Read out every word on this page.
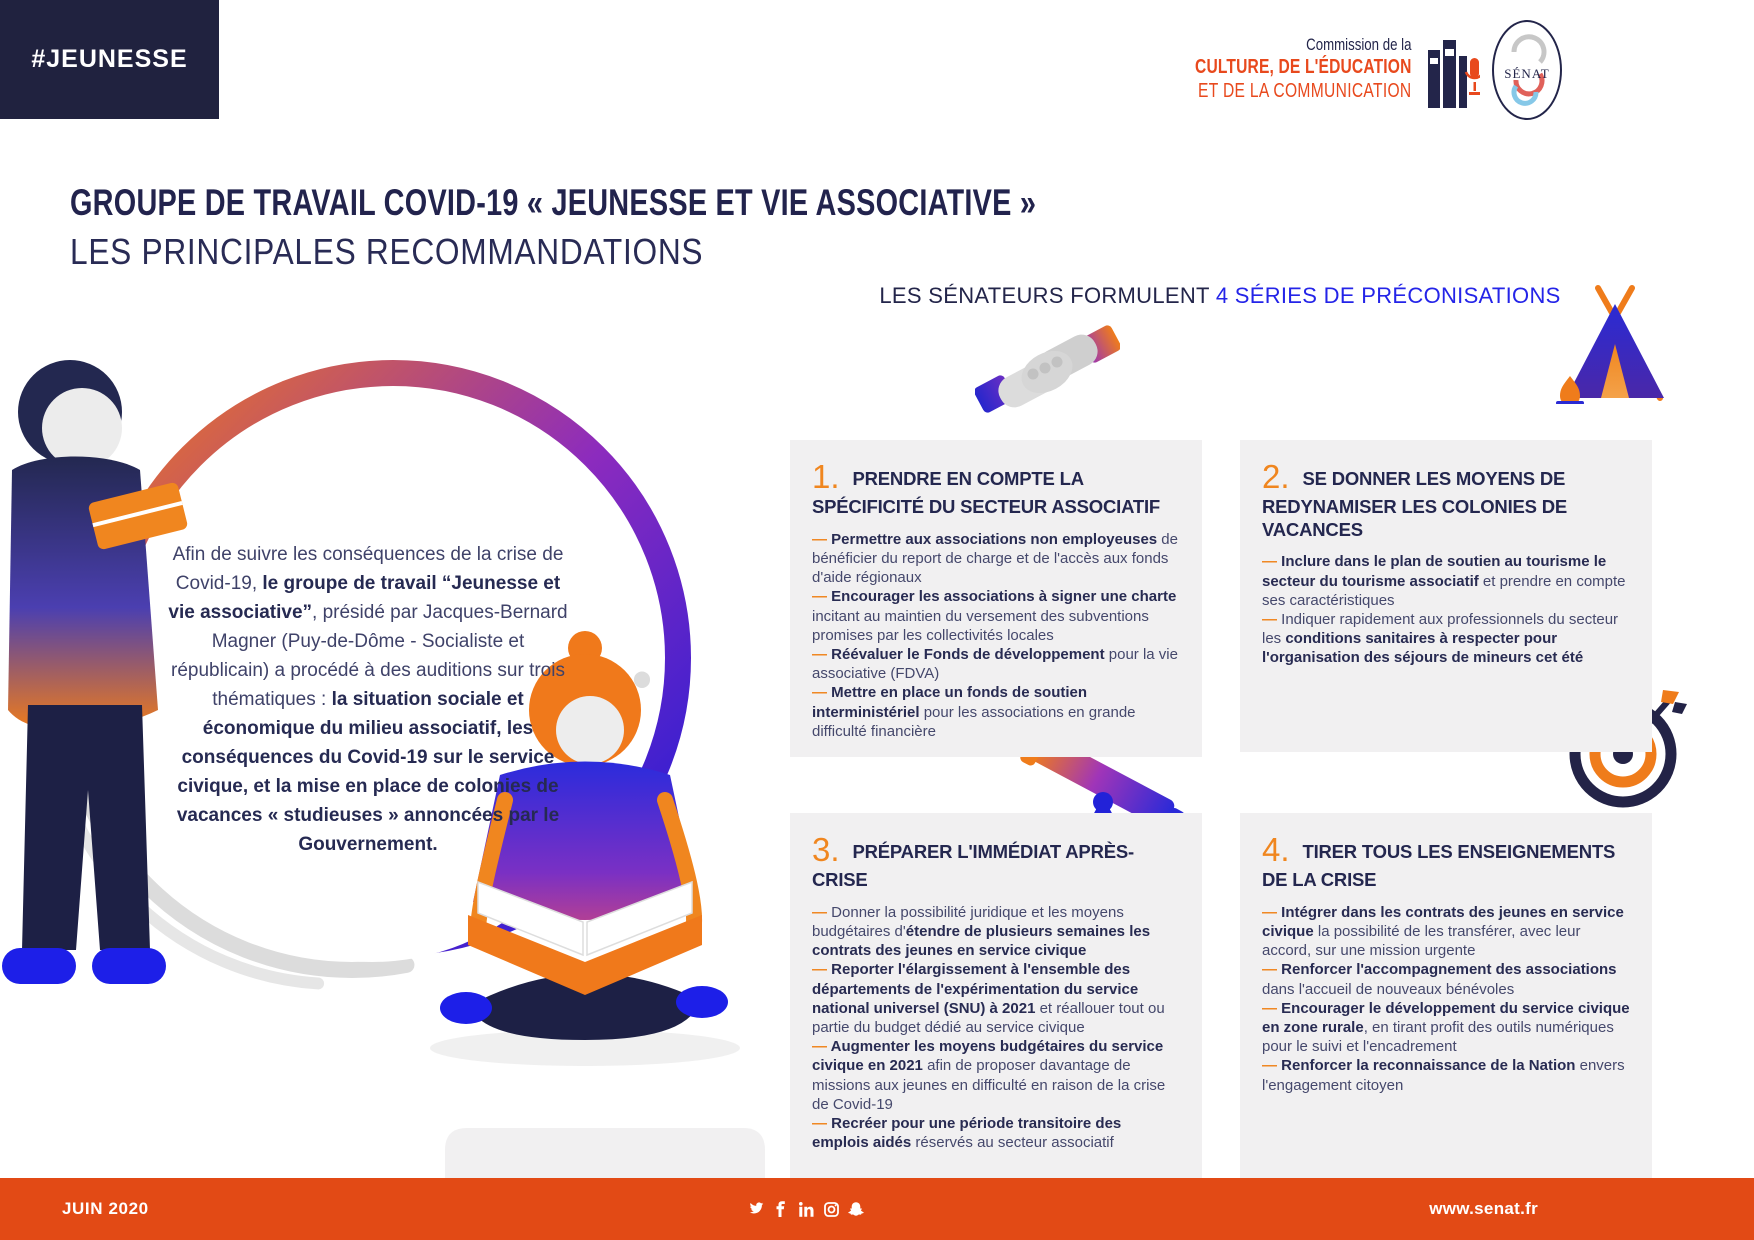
#JEUNESSE
Commission de la
CULTURE, DE L'ÉDUCATION
ET DE LA COMMUNICATION
SÉNAT
GROUPE DE TRAVAIL COVID-19 « JEUNESSE ET VIE ASSOCIATIVE »
LES PRINCIPALES RECOMMANDATIONS
LES SÉNATEURS FORMULENT 4 SÉRIES DE PRÉCONISATIONS
Afin de suivre les conséquences de la crise de Covid-19, le groupe de travail “Jeunesse et vie associative”, présidé par Jacques-Bernard Magner (Puy-de-Dôme - Socialiste et républicain) a procédé à des auditions sur trois thématiques : la situation sociale et économique du milieu associatif, les conséquences du Covid-19 sur le service civique, et la mise en place de colonies de vacances « studieuses » annoncées par le Gouvernement.
1. PRENDRE EN COMPTE LA SPÉCIFICITÉ DU SECTEUR ASSOCIATIF
— Permettre aux associations non employeuses de bénéficier du report de charge et de l'accès aux fonds d'aide régionaux
— Encourager les associations à signer une charte incitant au maintien du versement des subventions promises par les collectivités locales
— Réévaluer le Fonds de développement pour la vie associative (FDVA)
— Mettre en place un fonds de soutien interministériel pour les associations en grande difficulté financière
2. SE DONNER LES MOYENS DE REDYNAMISER LES COLONIES DE VACANCES
— Inclure dans le plan de soutien au tourisme le secteur du tourisme associatif et prendre en compte ses caractéristiques
— Indiquer rapidement aux professionnels du secteur les conditions sanitaires à respecter pour l'organisation des séjours de mineurs cet été
3. PRÉPARER L'IMMÉDIAT APRÈS-CRISE
— Donner la possibilité juridique et les moyens budgétaires d'étendre de plusieurs semaines les contrats des jeunes en service civique
— Reporter l'élargissement à l'ensemble des départements de l'expérimentation du service national universel (SNU) à 2021 et réallouer tout ou partie du budget dédié au service civique
— Augmenter les moyens budgétaires du service civique en 2021 afin de proposer davantage de missions aux jeunes en difficulté en raison de la crise de Covid-19
— Recréer pour une période transitoire des emplois aidés réservés au secteur associatif
4. TIRER TOUS LES ENSEIGNEMENTS DE LA CRISE
— Intégrer dans les contrats des jeunes en service civique la possibilité de les transférer, avec leur accord, sur une mission urgente
— Renforcer l'accompagnement des associations dans l'accueil de nouveaux bénévoles
— Encourager le développement du service civique en zone rurale, en tirant profit des outils numériques pour le suivi et l'encadrement
— Renforcer la reconnaissance de la Nation envers l'engagement citoyen
JUIN 2020	www.senat.fr
